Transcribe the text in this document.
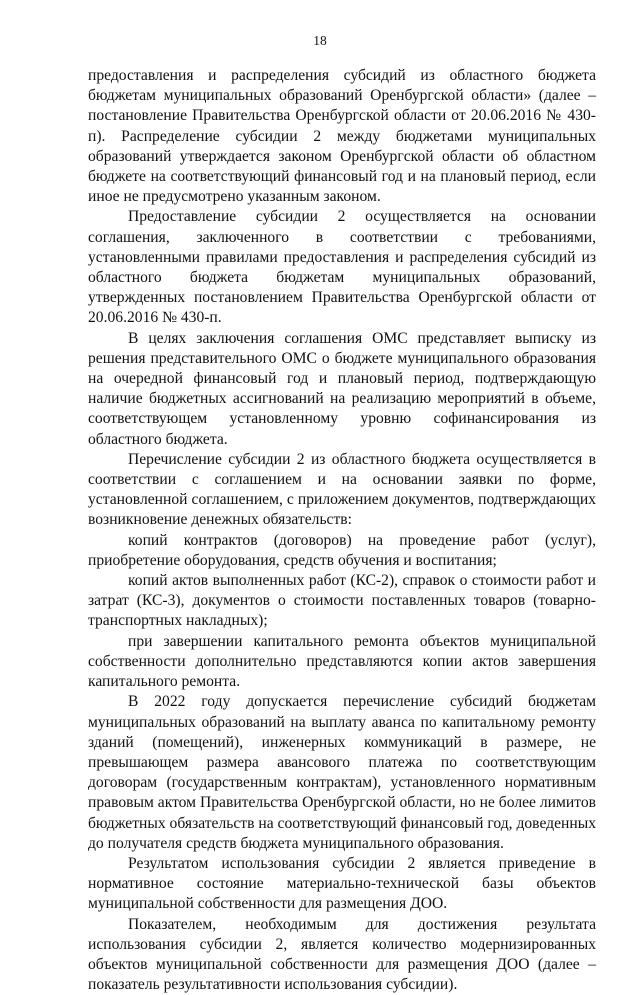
18

предоставления и распределения субсидий из областного бюджета бюджетам муниципальных образований Оренбургской области» (далее – постановление Правительства Оренбургской области от 20.06.2016 № 430-п). Распределение субсидии 2 между бюджетами муниципальных образований утверждается законом Оренбургской области об областном бюджете на соответствующий финансовый год и на плановый период, если иное не предусмотрено указанным законом.

Предоставление субсидии 2 осуществляется на основании соглашения, заключенного в соответствии с требованиями, установленными правилами предоставления и распределения субсидий из областного бюджета бюджетам муниципальных образований, утвержденных постановлением Правительства Оренбургской области от 20.06.2016 № 430-п.

В целях заключения соглашения ОМС представляет выписку из решения представительного ОМС о бюджете муниципального образования на очередной финансовый год и плановый период, подтверждающую наличие бюджетных ассигнований на реализацию мероприятий в объеме, соответствующем установленному уровню софинансирования из областного бюджета.

Перечисление субсидии 2 из областного бюджета осуществляется в соответствии с соглашением и на основании заявки по форме, установленной соглашением, с приложением документов, подтверждающих возникновение денежных обязательств:

копий контрактов (договоров) на проведение работ (услуг), приобретение оборудования, средств обучения и воспитания;

копий актов выполненных работ (КС-2), справок о стоимости работ и затрат (КС-3), документов о стоимости поставленных товаров (товарно-транспортных накладных);

при завершении капитального ремонта объектов муниципальной собственности дополнительно представляются копии актов завершения капитального ремонта.

В 2022 году допускается перечисление субсидий бюджетам муниципальных образований на выплату аванса по капитальному ремонту зданий (помещений), инженерных коммуникаций в размере, не превышающем размера авансового платежа по соответствующим договорам (государственным контрактам), установленного нормативным правовым актом Правительства Оренбургской области, но не более лимитов бюджетных обязательств на соответствующий финансовый год, доведенных до получателя средств бюджета муниципального образования.

Результатом использования субсидии 2 является приведение в нормативное состояние материально-технической базы объектов муниципальной собственности для размещения ДОО.

Показателем, необходимым для достижения результата использования субсидии 2, является количество модернизированных объектов муниципальной собственности для размещения ДОО (далее – показатель результативности использования субсидии).
